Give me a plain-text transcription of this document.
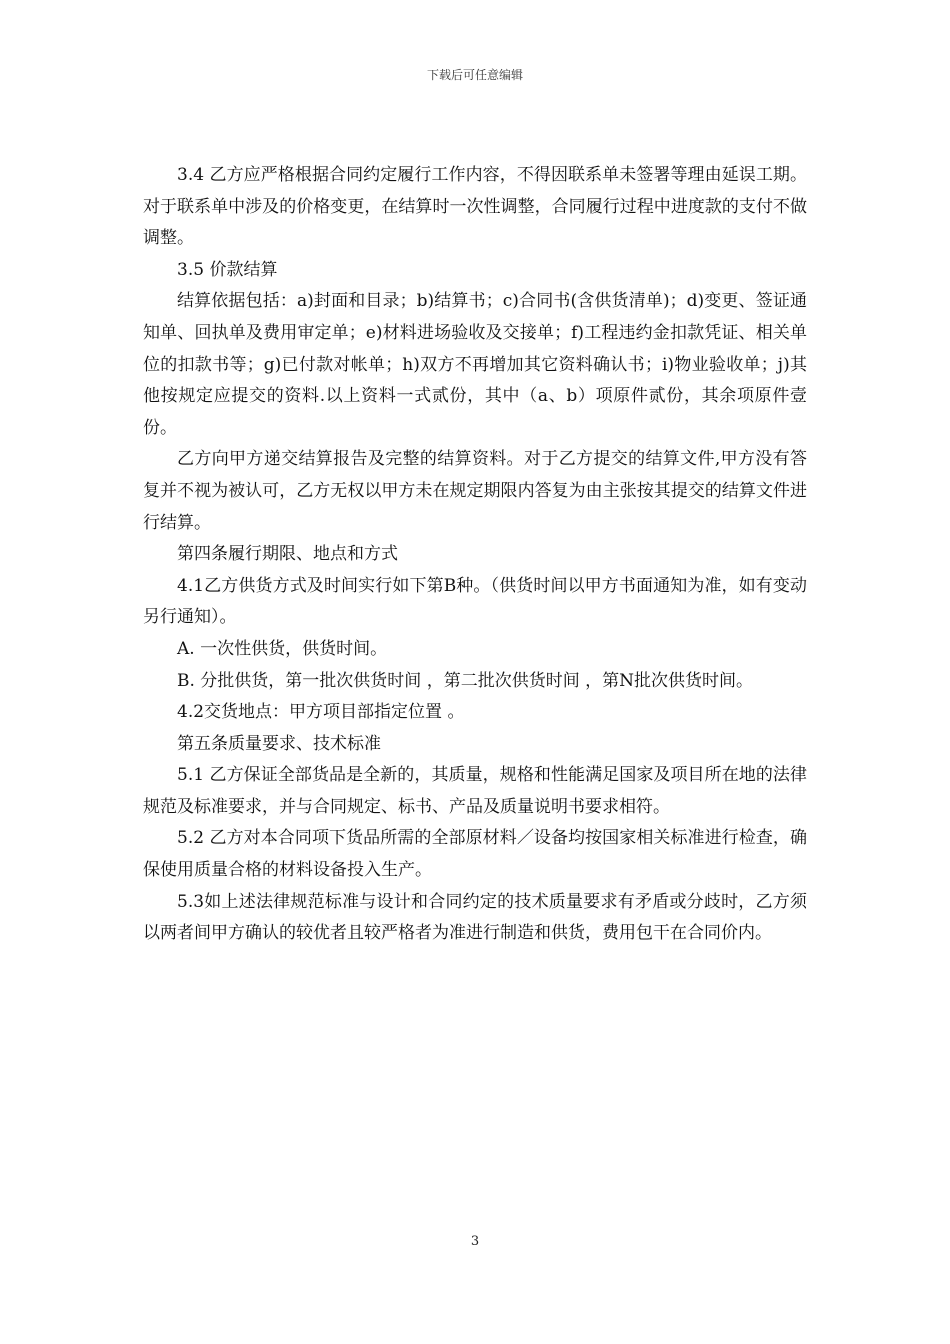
下载后可任意编辑

3.4 乙方应严格根据合同约定履行工作内容，不得因联系单未签署等理由延误工期。对于联系单中涉及的价格变更，在结算时一次性调整，合同履行过程中进度款的支付不做调整。

3.5 价款结算

结算依据包括：a)封面和目录；b)结算书；c)合同书(含供货清单)；d)变更、签证通知单、回执单及费用审定单；e)材料进场验收及交接单；f)工程违约金扣款凭证、相关单位的扣款书等；g)已付款对帐单；h)双方不再增加其它资料确认书；i)物业验收单；j)其他按规定应提交的资料.以上资料一式贰份，其中（a、b）项原件贰份，其余项原件壹份。

乙方向甲方递交结算报告及完整的结算资料。对于乙方提交的结算文件,甲方没有答复并不视为被认可，乙方无权以甲方未在规定期限内答复为由主张按其提交的结算文件进行结算。

第四条履行期限、地点和方式

4.1乙方供货方式及时间实行如下第B种。（供货时间以甲方书面通知为准，如有变动另行通知）。

A. 一次性供货，供货时间。

B. 分批供货，第一批次供货时间 ，第二批次供货时间 ，第N批次供货时间。

4.2交货地点：甲方项目部指定位置 。

第五条质量要求、技术标准

5.1 乙方保证全部货品是全新的，其质量，规格和性能满足国家及项目所在地的法律规范及标准要求，并与合同规定、标书、产品及质量说明书要求相符。

5.2 乙方对本合同项下货品所需的全部原材料／设备均按国家相关标准进行检查，确保使用质量合格的材料设备投入生产。

5.3如上述法律规范标准与设计和合同约定的技术质量要求有矛盾或分歧时，乙方须以两者间甲方确认的较优者且较严格者为准进行制造和供货，费用包干在合同价内。

3
